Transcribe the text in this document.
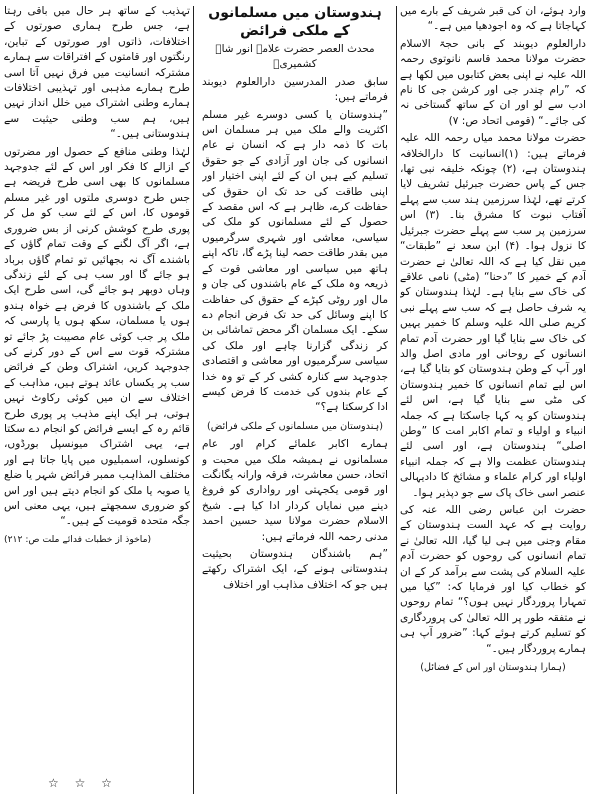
وارد ہوئے، ان کی قبر شریف کے بارے میں کہاجاتا ہے کہ وہ اجودھیا میں ہے۔“

دارالعلوم دیوبند کے بانی حجۃ الاسلام حضرت مولانا محمد قاسم نانوتوی رحمہ اللہ علیہ نے اپنی بعض کتابوں میں لکھا ہے کہ ”رام چندر جی اور کرشن جی کا نام ادب سے لو اور ان کے ساتھ گستاخی نہ کی جائے۔“ (قومی اتحاد ص: ۷)

حضرت مولانا محمد میاں رحمہ اللہ علیہ فرماتے ہیں: (۱)انسانیت کا دارالخلافہ ہندوستان ہے، (۲) چونکہ خلیفہ نبی تھا، جس کے پاس حضرت جبرئیل تشریف لایا کرتے تھے، لہٰذا سرزمین ہند سب سے پہلے آفتاب نبوت کا مشرق بنا۔ (۳) اس سرزمین پر سب سے پہلے حضرت جبرئیل کا نزول ہوا۔ (۴) ابن سعد نے ”طبقات“ میں نقل کیا ہے کہ اللہ تعالیٰ نے حضرت آدم کے خمیر کا ”دحنا“ (مٹی) نامی علاقے کی خاک سے بنایا ہے۔ لہٰذا ہندوستان کو یہ شرف حاصل ہے کہ سب سے پہلے نبی کریم صلی اللہ علیہ وسلم کا خمیر یہیں کی خاک سے بنایا گیا اور حضرت آدم تمام انسانوں کے روحانی اور مادی اصل والد اور آپ کے وطن ہندوستان کو بتایا گیا ہے، اس لیے تمام انسانوں کا خمیر ہندوستان کی مٹی سے بنایا گیا ہے، اس لئے ہندوستان کو یہ کہا جاسکتا ہے کہ جملہ انبیاء و اولیاء و تمام اکابر امت کا ”وطن اصلی“ ہندوستان ہے، اور اسی لئے ہندوستان عظمت والا ہے کہ جملہ انبیاء اولیاء اور کرام علماء و مشائخ کا دادیہالی عنصر اسی خاک پاک سے جو دپذیر ہوا۔

حضرت ابن عباس رضی اللہ عنہ کی روایت ہے کہ عہد الست ہندوستان کے مقام وجنی میں ہی لیا گیا، اللہ تعالیٰ نے تمام انسانوں کی روحوں کو حضرت آدم علیہ السلام کی پشت سے برآمد کر کے ان کو خطاب کیا اور فرمایا کہ: ”کیا میں تمہارا پروردگار نہیں ہوں؟“ تمام روحوں نے متفقہ طور پر اللہ تعالیٰ کی پروردگاری کو تسلیم کرتے ہوئے کہا: ”ضرور آپ ہی ہمارے پروردگار ہیں۔“

(ہمارا ہندوستان اور اس کے فضائل)

ہندوستان میں مسلمانوں کے ملکی فرائض
محدث العصر حضرت علامہ انور شاہ کشمیریؒ

سابق صدر المدرسین دارالعلوم دیوبند فرماتے ہیں:

”ہندوستان یا کسی دوسرے غیر مسلم اکثریت والے ملک میں ہر مسلمان اس بات کا ذمہ دار ہے کہ انسان نے عام انسانوں کی جان اور آزادی کے جو حقوق تسلیم کیے ہیں ان کے لئے اپنی اختیار اور اپنی طاقت کی حد تک ان حقوق کی حفاظت کرے، ظاہر ہے کہ اس مقصد کے حصول کے لئے مسلمانوں کو ملک کی سیاسی، معاشی اور شہری سرگرمیوں میں بقدر طاقت حصہ لینا پڑے گا، تاکہ اپنے ہاتھ میں سیاسی اور معاشی قوت کے ذریعہ وہ ملک کے عام باشندوں کی جان و مال اور روٹی کپڑے کے حقوق کی حفاظت کا اپنے وسائل کی حد تک فرض انجام دے سکے۔ ایک مسلمان اگر محض تماشائی بن کر زندگی گزارنا چاہے اور ملک کی سیاسی سرگرمیوں اور معاشی و اقتصادی جدوجہد سے کنارہ کشی کر کے تو وہ خدا کے عام بندوں کی خدمت کا فرض کیسے ادا کرسکتا ہے؟“

(ہندوستان میں مسلمانوں کے ملکی فرائض)

ہمارے اکابر علمائے کرام اور عام مسلمانوں نے ہمیشہ ملک میں محبت و اتحاد، حسن معاشرت، فرقہ وارانہ یگانگت اور قومی یکجہتی اور رواداری کو فروغ دینے میں نمایاں کردار ادا کیا ہے۔ شیخ الاسلام حضرت مولانا سید حسین احمد مدنی رحمہ اللہ فرماتے ہیں:

”ہم باشندگان ہندوستان بحیثیت ہندوستانی ہونے کے، ایک اشتراک رکھتے ہیں جو کہ اختلاف مذاہب اور اختلاف

تہذیب کے ساتھ ہر حال میں باقی رہتا ہے، جس طرح ہماری صورتوں کے اختلافات، ذاتوں اور صورتوں کے تباین، رنگتوں اور قامتوں کے افتراقات سے ہمارے مشترکہ انسانیت میں فرق نہیں آتا اسی طرح ہمارے مذہبی اور تہذیبی اختلافات ہمارے وطنی اشتراک میں خلل انداز نہیں ہیں، ہم سب وطنی حیثیت سے ہندوستانی ہیں۔“

لہٰذا وطنی منافع کے حصول اور مضرتوں کے ازالے کا فکر اور اس کے لئے جدوجہد مسلمانوں کا بھی اسی طرح فریضہ ہے جس طرح دوسری ملتوں اور غیر مسلم قوموں کا، اس کے لئے سب کو مل کر پوری طرح کوشش کرنی از بس ضروری ہے، اگر آگ لگنے کے وقت تمام گاؤں کے باشندے آگ نہ بجھائیں تو تمام گاؤں برباد ہو جائے گا اور سب ہی کے لئے زندگی وہاں دوبھر ہو جائے گی، اسی طرح ایک ملک کے باشندوں کا فرض ہے خواہ ہندو ہوں یا مسلمان، سکھ ہوں یا پارسی کہ ملک پر جب کوئی عام مصیبت پڑ جائے تو مشترکہ قوت سے اس کے دور کرنے کی جدوجہد کریں، اشتراک وطن کے فرائض سب پر یکساں عائد ہوتے ہیں، مذاہب کے اختلاف سے ان میں کوئی رکاوٹ نہیں ہوتی، ہر ایک اپنے مذہب پر پوری طرح قائم رہ کے ایسے فرائض کو انجام دے سکتا ہے، یہی اشتراک میونسپل بورڈوں، کونسلوں، اسمبلیوں میں پایا جاتا ہے اور مختلف المذاہب ممبر فرائض شہر یا ضلع یا صوبہ یا ملک کو انجام دیتے ہیں اور اس کو ضروری سمجھتے ہیں، یہی معنی اس جگہ متحدہ قومیت کے ہیں۔“

(ماخوذ از خطبات فدائے ملت ص: ۲۱۲)

☆ ☆ ☆
